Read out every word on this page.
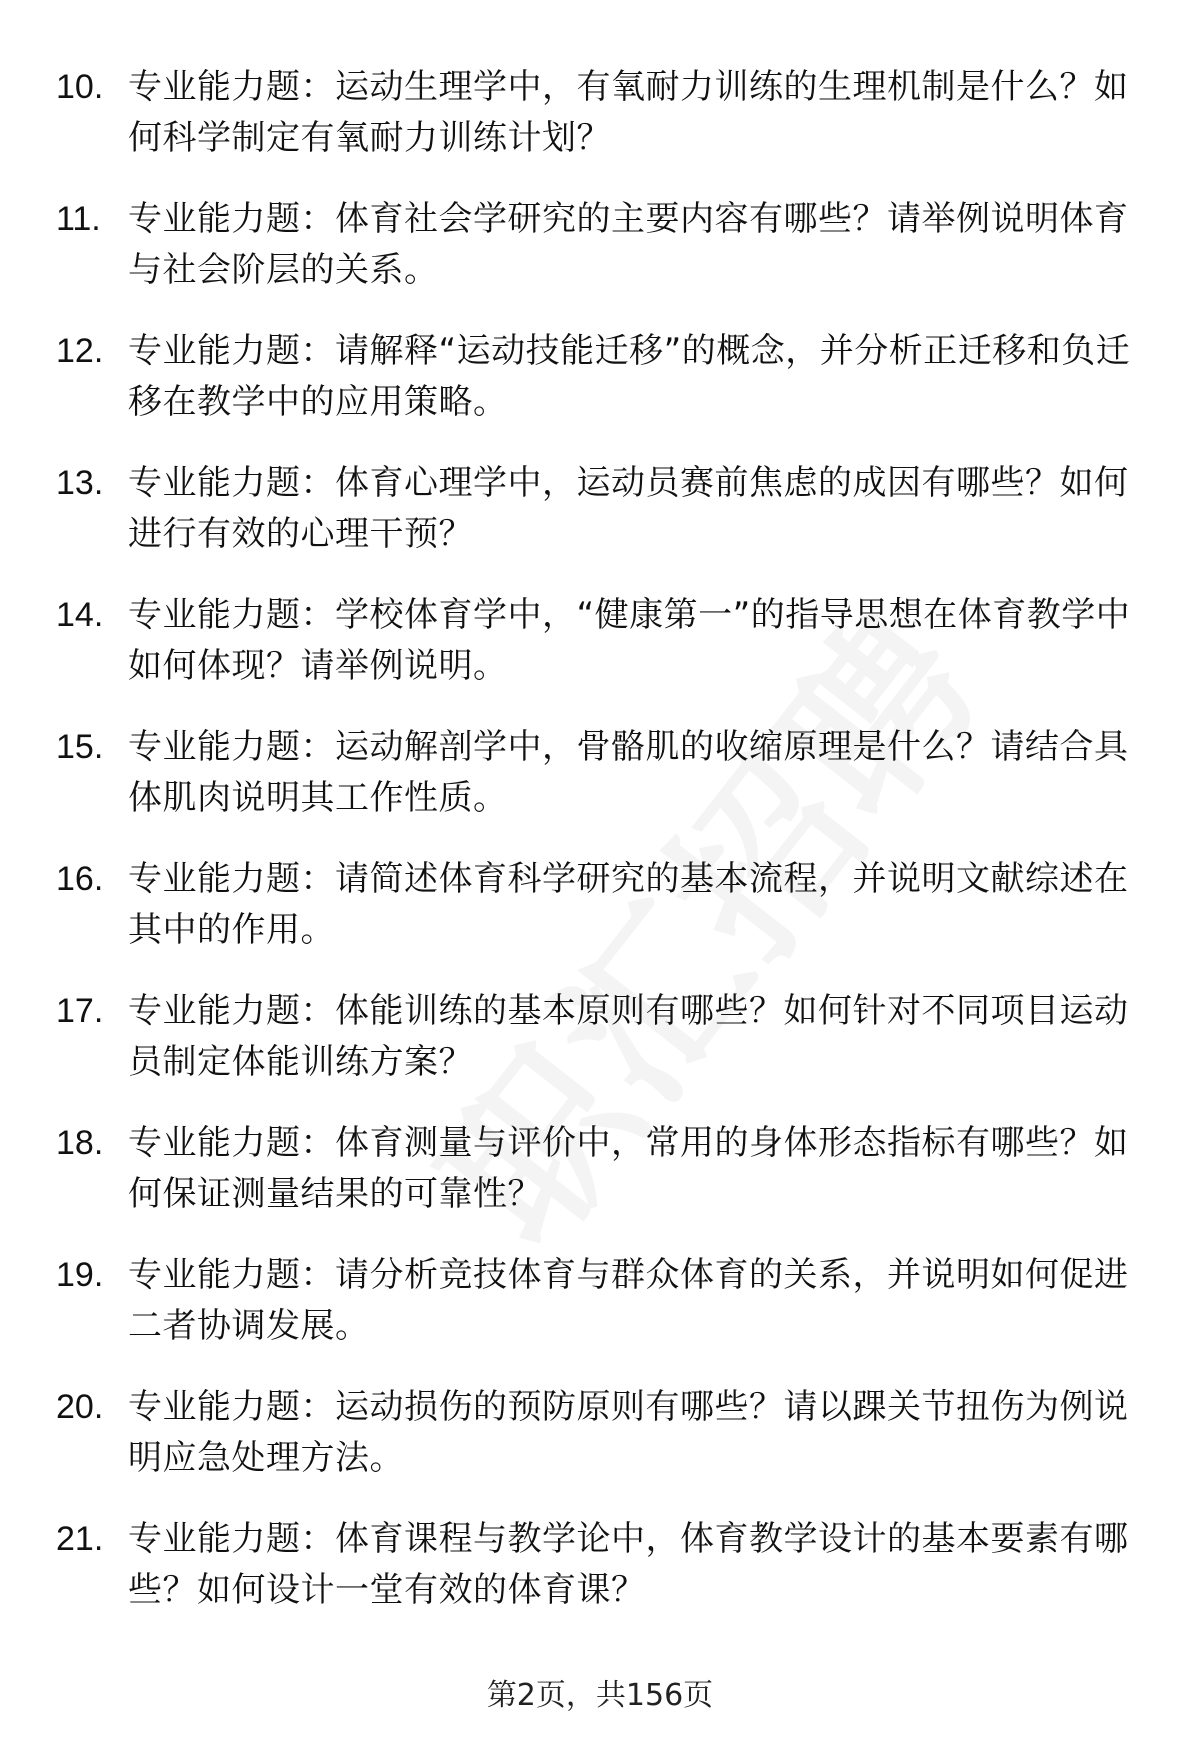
10. 专业能力题：运动生理学中，有氧耐力训练的生理机制是什么？如何科学制定有氧耐力训练计划？
11. 专业能力题：体育社会学研究的主要内容有哪些？请举例说明体育与社会阶层的关系。
12. 专业能力题：请解释“运动技能迁移”的概念，并分析正迁移和负迁移在教学中的应用策略。
13. 专业能力题：体育心理学中，运动员赛前焦虑的成因有哪些？如何进行有效的心理干预？
14. 专业能力题：学校体育学中，“健康第一”的指导思想在体育教学中如何体现？请举例说明。
15. 专业能力题：运动解剖学中，骨骼肌的收缩原理是什么？请结合具体肌肉说明其工作性质。
16. 专业能力题：请简述体育科学研究的基本流程，并说明文献综述在其中的作用。
17. 专业能力题：体能训练的基本原则有哪些？如何针对不同项目运动员制定体能训练方案？
18. 专业能力题：体育测量与评价中，常用的身体形态指标有哪些？如何保证测量结果的可靠性？
19. 专业能力题：请分析竞技体育与群众体育的关系，并说明如何促进二者协调发展。
20. 专业能力题：运动损伤的预防原则有哪些？请以踝关节扭伤为例说明应急处理方法。
21. 专业能力题：体育课程与教学论中，体育教学设计的基本要素有哪些？如何设计一堂有效的体育课？
第2页，共156页
